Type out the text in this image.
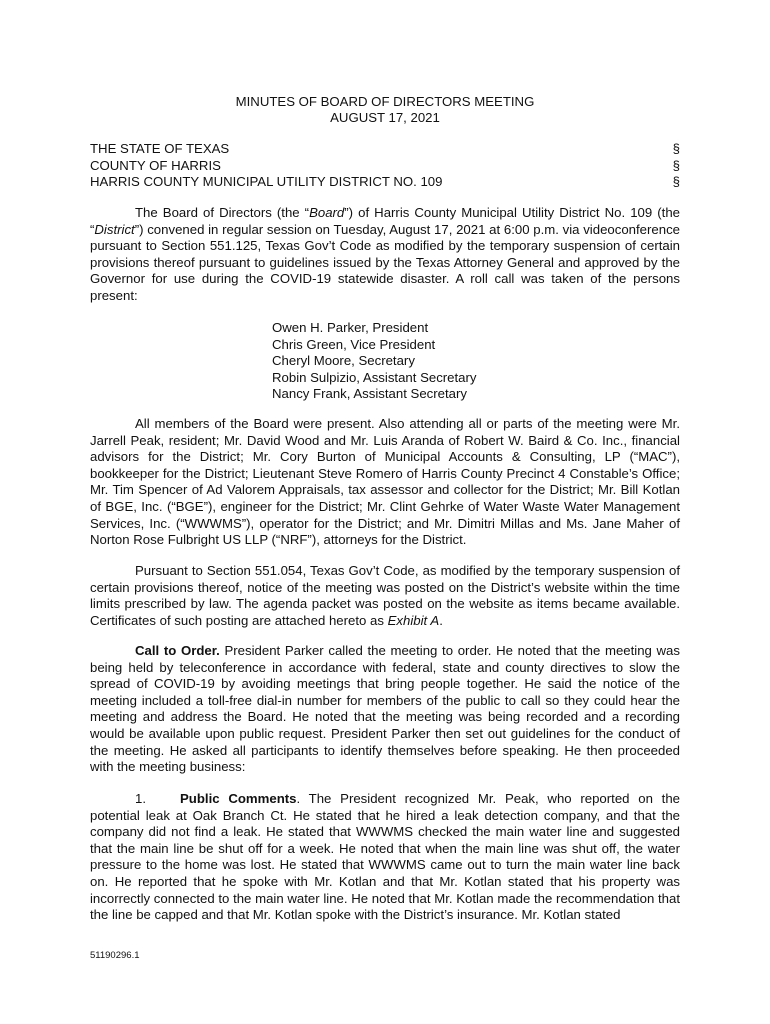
MINUTES OF BOARD OF DIRECTORS MEETING
AUGUST 17, 2021
THE STATE OF TEXAS	§
COUNTY OF HARRIS	§
HARRIS COUNTY MUNICIPAL UTILITY DISTRICT NO. 109	§

The Board of Directors (the “Board”) of Harris County Municipal Utility District No. 109 (the “District”) convened in regular session on Tuesday, August 17, 2021 at 6:00 p.m. via videoconference pursuant to Section 551.125, Texas Gov’t Code as modified by the temporary suspension of certain provisions thereof pursuant to guidelines issued by the Texas Attorney General and approved by the Governor for use during the COVID-19 statewide disaster. A roll call was taken of the persons present:

Owen H. Parker, President
Chris Green, Vice President
Cheryl Moore, Secretary
Robin Sulpizio, Assistant Secretary
Nancy Frank, Assistant Secretary

All members of the Board were present. Also attending all or parts of the meeting were Mr. Jarrell Peak, resident; Mr. David Wood and Mr. Luis Aranda of Robert W. Baird & Co. Inc., financial advisors for the District; Mr. Cory Burton of Municipal Accounts & Consulting, LP (“MAC”), bookkeeper for the District; Lieutenant Steve Romero of Harris County Precinct 4 Constable’s Office; Mr. Tim Spencer of Ad Valorem Appraisals, tax assessor and collector for the District; Mr. Bill Kotlan of BGE, Inc. (“BGE”), engineer for the District; Mr. Clint Gehrke of Water Waste Water Management Services, Inc. (“WWWMS”), operator for the District; and Mr. Dimitri Millas and Ms. Jane Maher of Norton Rose Fulbright US LLP (“NRF”), attorneys for the District.

Pursuant to Section 551.054, Texas Gov’t Code, as modified by the temporary suspension of certain provisions thereof, notice of the meeting was posted on the District’s website within the time limits prescribed by law. The agenda packet was posted on the website as items became available. Certificates of such posting are attached hereto as Exhibit A.

Call to Order. President Parker called the meeting to order. He noted that the meeting was being held by teleconference in accordance with federal, state and county directives to slow the spread of COVID-19 by avoiding meetings that bring people together. He said the notice of the meeting included a toll-free dial-in number for members of the public to call so they could hear the meeting and address the Board. He noted that the meeting was being recorded and a recording would be available upon public request. President Parker then set out guidelines for the conduct of the meeting. He asked all participants to identify themselves before speaking. He then proceeded with the meeting business:

1.	Public Comments. The President recognized Mr. Peak, who reported on the potential leak at Oak Branch Ct. He stated that he hired a leak detection company, and that the company did not find a leak. He stated that WWWMS checked the main water line and suggested that the main line be shut off for a week. He noted that when the main line was shut off, the water pressure to the home was lost. He stated that WWWMS came out to turn the main water line back on. He reported that he spoke with Mr. Kotlan and that Mr. Kotlan stated that his property was incorrectly connected to the main water line. He noted that Mr. Kotlan made the recommendation that the line be capped and that Mr. Kotlan spoke with the District’s insurance. Mr. Kotlan stated

51190296.1
